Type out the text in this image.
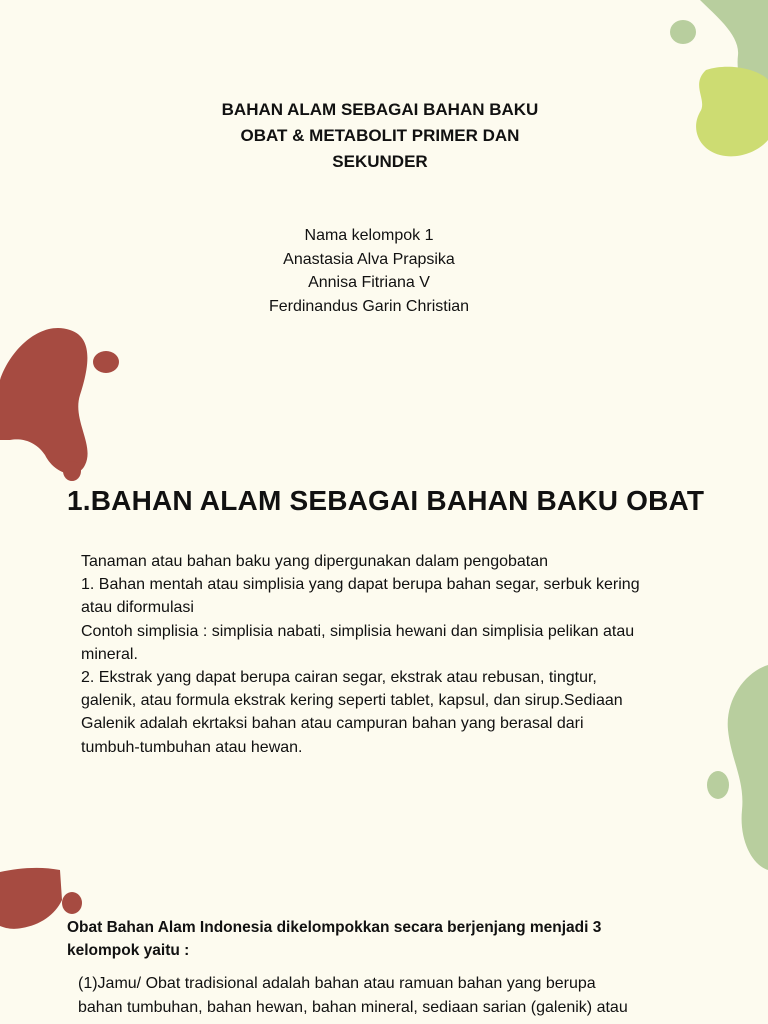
BAHAN ALAM SEBAGAI BAHAN BAKU
OBAT & METABOLIT PRIMER DAN
SEKUNDER
Nama kelompok 1
Anastasia Alva Prapsika
Annisa Fitriana V
Ferdinandus Garin Christian
1.BAHAN ALAM SEBAGAI BAHAN BAKU OBAT
Tanaman atau bahan baku yang dipergunakan dalam pengobatan
1. Bahan mentah atau simplisia yang dapat berupa bahan segar, serbuk kering
atau diformulasi
Contoh simplisia : simplisia nabati, simplisia hewani dan simplisia pelikan atau
mineral.
2. Ekstrak yang dapat berupa cairan segar, ekstrak atau rebusan, tingtur,
galenik, atau formula ekstrak kering seperti tablet, kapsul, dan sirup.Sediaan
Galenik adalah ekrtaksi bahan atau campuran bahan yang berasal dari
tumbuh-tumbuhan atau hewan.
Obat Bahan Alam Indonesia dikelompokkan secara berjenjang menjadi 3
kelompok yaitu :
(1)Jamu/ Obat tradisional adalah bahan atau ramuan bahan yang berupa
bahan tumbuhan, bahan hewan, bahan mineral, sediaan sarian (galenik) atau
